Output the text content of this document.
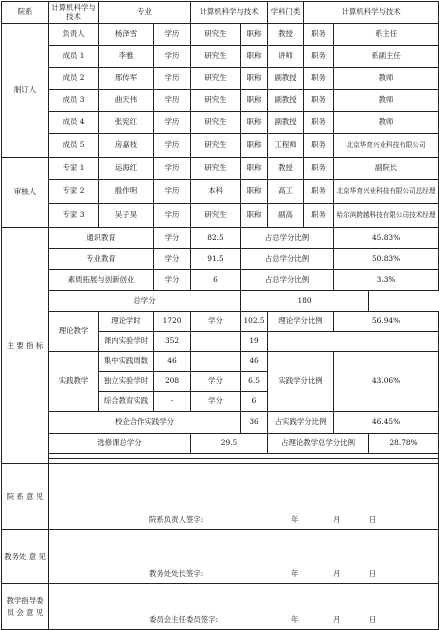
院系	计算机科学与技术	专业		计算机科学与技术		学科门类	计算机科学与技术		
制订人	负责人	杨泽雪	学历	研究生	职称	教授	职务	系主任	
	成员 1	李雅	学历	研究生	职称	讲师	职务	系副主任	
	成员 2	邢传军	学历	研究生	职称	副教授	职务	教师	
	成员 3	曲天伟	学历	研究生	职称	副教授	职务	教师	
	成员 4	张宪红	学历	研究生	职称	副教授	职务	教师	
	成员 5	房嘉枝	学历	研究生	职称	工程师	职务	北京华育兴业科技有限公司	
审核人	专家 1	运海红	学历	研究生	职称	教授	职务	副院长	
	专家 2	殷作明	学历	本科	职称	高工	职务	北京华育兴业科技有限公司总经理	
	专家 3	吴子昊	学历	研究生	职称	副高	职务	哈尔滨跨越科技有限公司技术经理	
主 要 指 标	通识教育		学分	82.5	占总学分比例			45.83%	
	专业教育		学分	91.5	占总学分比例			50.83%	
	素质拓展与创新创业		学分	6	占总学分比例			3.3%	
	总学分				180				
	理论教学	理论学时	1720	学分	102.5	理论学分比例		56.94%	
		课内实验学时	352		19				
	实践教学	集中实践周数	46		46	实践学分比例		43.06%	
		独立实验学时	208	学分	6.5				
		综合教育实践	-	学分	6				
	校企合作实践学分				36	占实践学分比例		46.45%	
	选修课总学分			29.5		占理论教学总学分比例			28.78%

院 系 意 见	院系负责人签字: 年 月 日								

教务处 意 见	教务处处长签字: 年 月 日								

教学指导委 员 会 意 见	委员会主任委员签字: 年 月 日								
